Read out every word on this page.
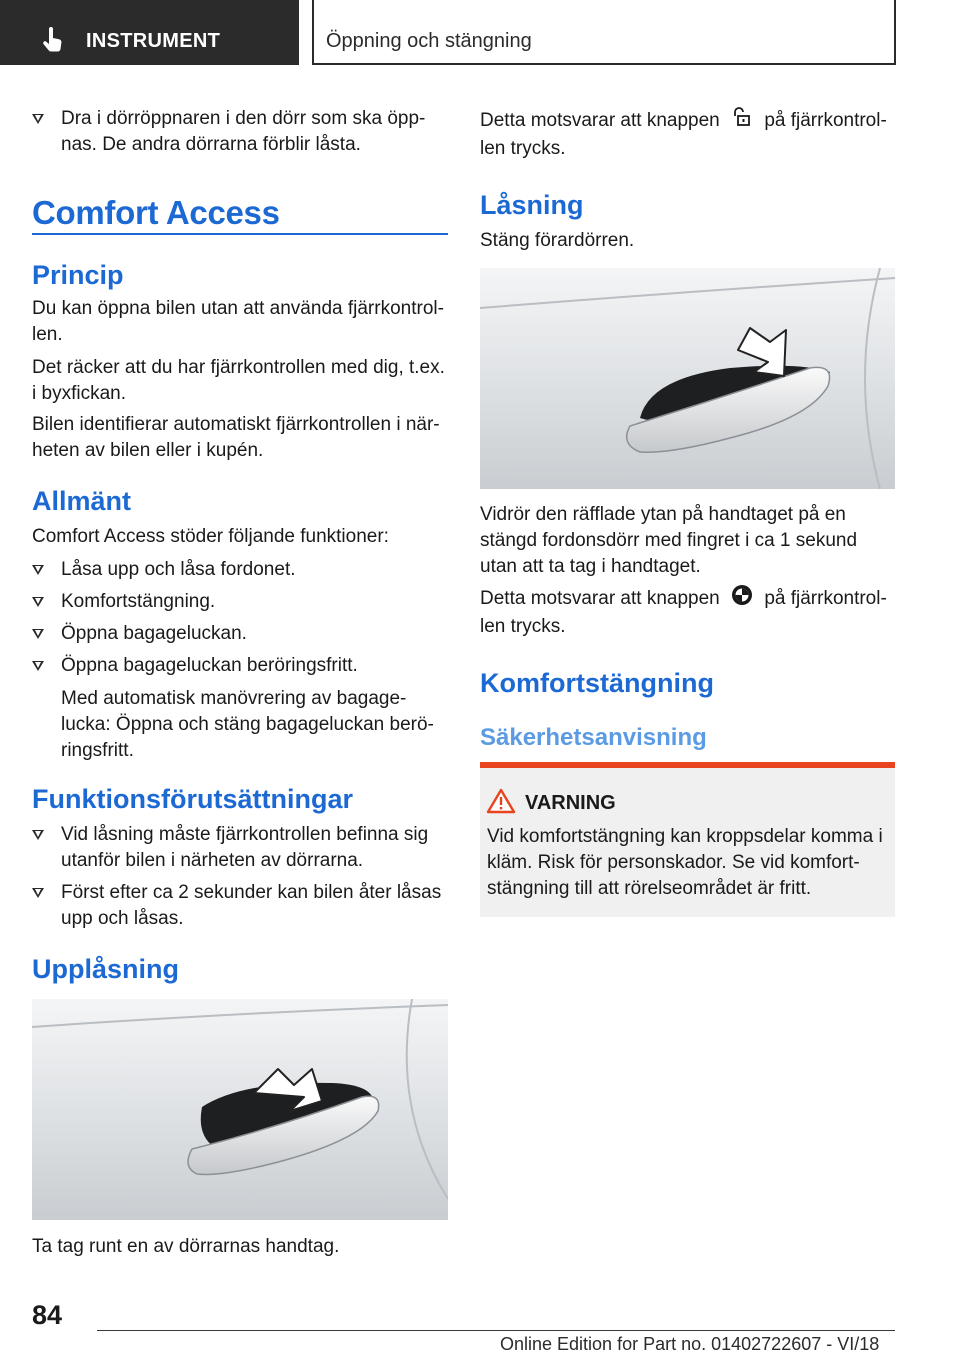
INSTRUMENT	Öppning och stängning
Dra i dörröppnaren i den dörr som ska öpp-nas. De andra dörrarna förblir låsta.
Comfort Access
Princip
Du kan öppna bilen utan att använda fjärrkontrol-len.
Det räcker att du har fjärrkontrollen med dig, t.ex. i byxfickan.
Bilen identifierar automatiskt fjärrkontrollen i när-heten av bilen eller i kupén.
Allmänt
Comfort Access stöder följande funktioner:
Låsa upp och låsa fordonet.
Komfortstängning.
Öppna bagageluckan.
Öppna bagageluckan beröringsfritt.
Med automatisk manövrering av bagage-lucka: Öppna och stäng bagageluckan berö-ringsfritt.
Funktionsförutsättningar
Vid låsning måste fjärrkontrollen befinna sig utanför bilen i närheten av dörrarna.
Först efter ca 2 sekunder kan bilen åter låsas upp och låsas.
Upplåsning
Ta tag runt en av dörrarnas handtag.
Detta motsvarar att knappen på fjärrkontrol-len trycks.
Låsning
Stäng förardörren.
Vidrör den räfflade ytan på handtaget på en stängd fordonsdörr med fingret i ca 1 sekund utan att ta tag i handtaget.
Detta motsvarar att knappen på fjärrkontrol-len trycks.
Komfortstängning
Säkerhetsanvisning
VARNING
Vid komfortstängning kan kroppsdelar komma i kläm. Risk för personskador. Se vid komfort-stängning till att rörelseområdet är fritt.
84
Online Edition for Part no. 01402722607 - VI/18
